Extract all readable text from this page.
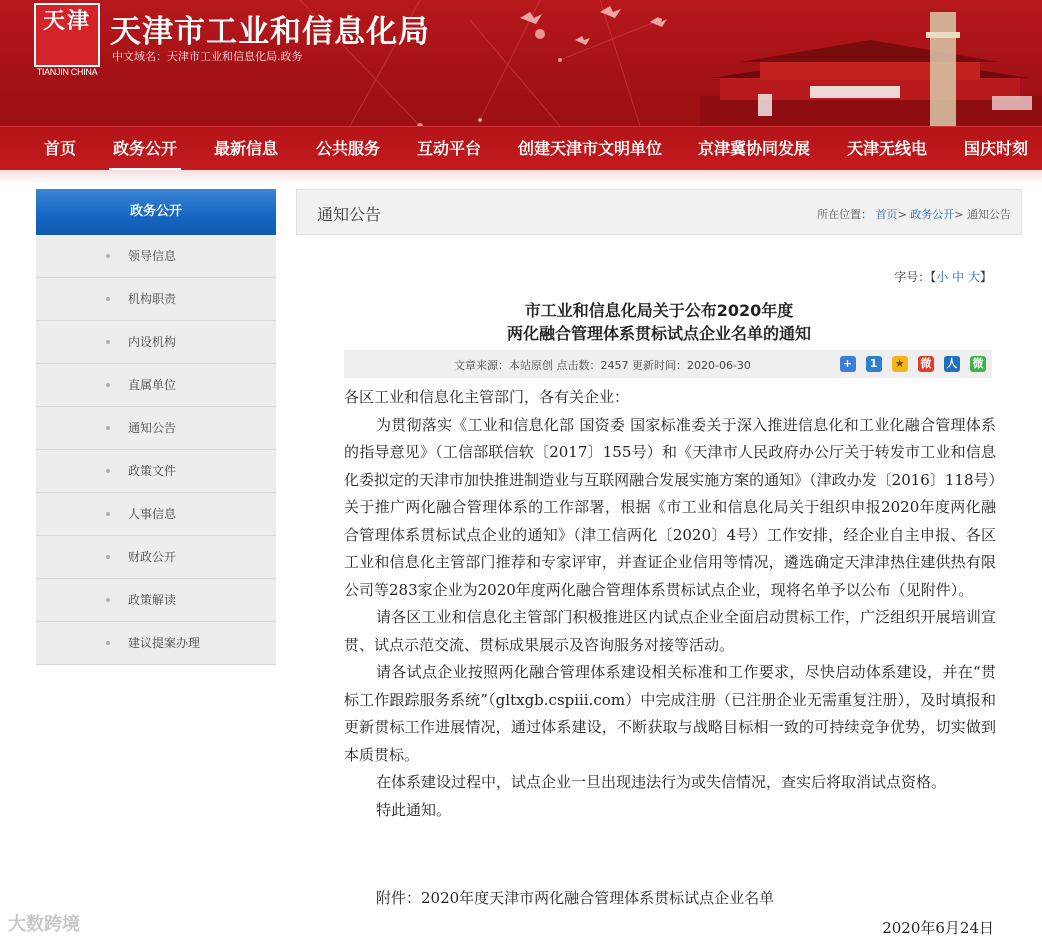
天津
TIANJIN CHINA
天津市工业和信息化局
中文域名：天津市工业和信息化局.政务
首页 政务公开 最新信息 公共服务 互动平台 创建天津市文明单位 京津冀协同发展 天津无线电 国庆时刻
政务公开
领导信息
机构职责
内设机构
直属单位
通知公告
政策文件
人事信息
财政公开
政策解读
建议提案办理
通知公告	所在位置： 首页> 政务公开> 通知公告
字号：【小 中 大】
市工业和信息化局关于公布2020年度
两化融合管理体系贯标试点企业名单的通知
文章来源：本站原创 点击数：2457 更新时间：2020-06-30	+ 1 ★ 微 人 微

各区工业和信息化主管部门，各有关企业：

为贯彻落实《工业和信息化部 国资委 国家标准委关于深入推进信息化和工业化融合管理体系的指导意见》（工信部联信软〔2017〕155号）和《天津市人民政府办公厅关于转发市工业和信息化委拟定的天津市加快推进制造业与互联网融合发展实施方案的通知》（津政办发〔2016〕118号）关于推广两化融合管理体系的工作部署，根据《市工业和信息化局关于组织申报2020年度两化融合管理体系贯标试点企业的通知》（津工信两化〔2020〕4号）工作安排，经企业自主申报、各区工业和信息化主管部门推荐和专家评审，并查证企业信用等情况，遴选确定天津津热住建供热有限公司等283家企业为2020年度两化融合管理体系贯标试点企业，现将名单予以公布（见附件）。

请各区工业和信息化主管部门积极推进区内试点企业全面启动贯标工作，广泛组织开展培训宣贯、试点示范交流、贯标成果展示及咨询服务对接等活动。

请各试点企业按照两化融合管理体系建设相关标准和工作要求，尽快启动体系建设，并在“贯标工作跟踪服务系统”（gltxgb.cspiii.com）中完成注册（已注册企业无需重复注册），及时填报和更新贯标工作进展情况，通过体系建设，不断获取与战略目标相一致的可持续竞争优势，切实做到本质贯标。

在体系建设过程中，试点企业一旦出现违法行为或失信情况，查实后将取消试点资格。

特此通知。

附件：2020年度天津市两化融合管理体系贯标试点企业名单
2020年6月24日
大数跨境
